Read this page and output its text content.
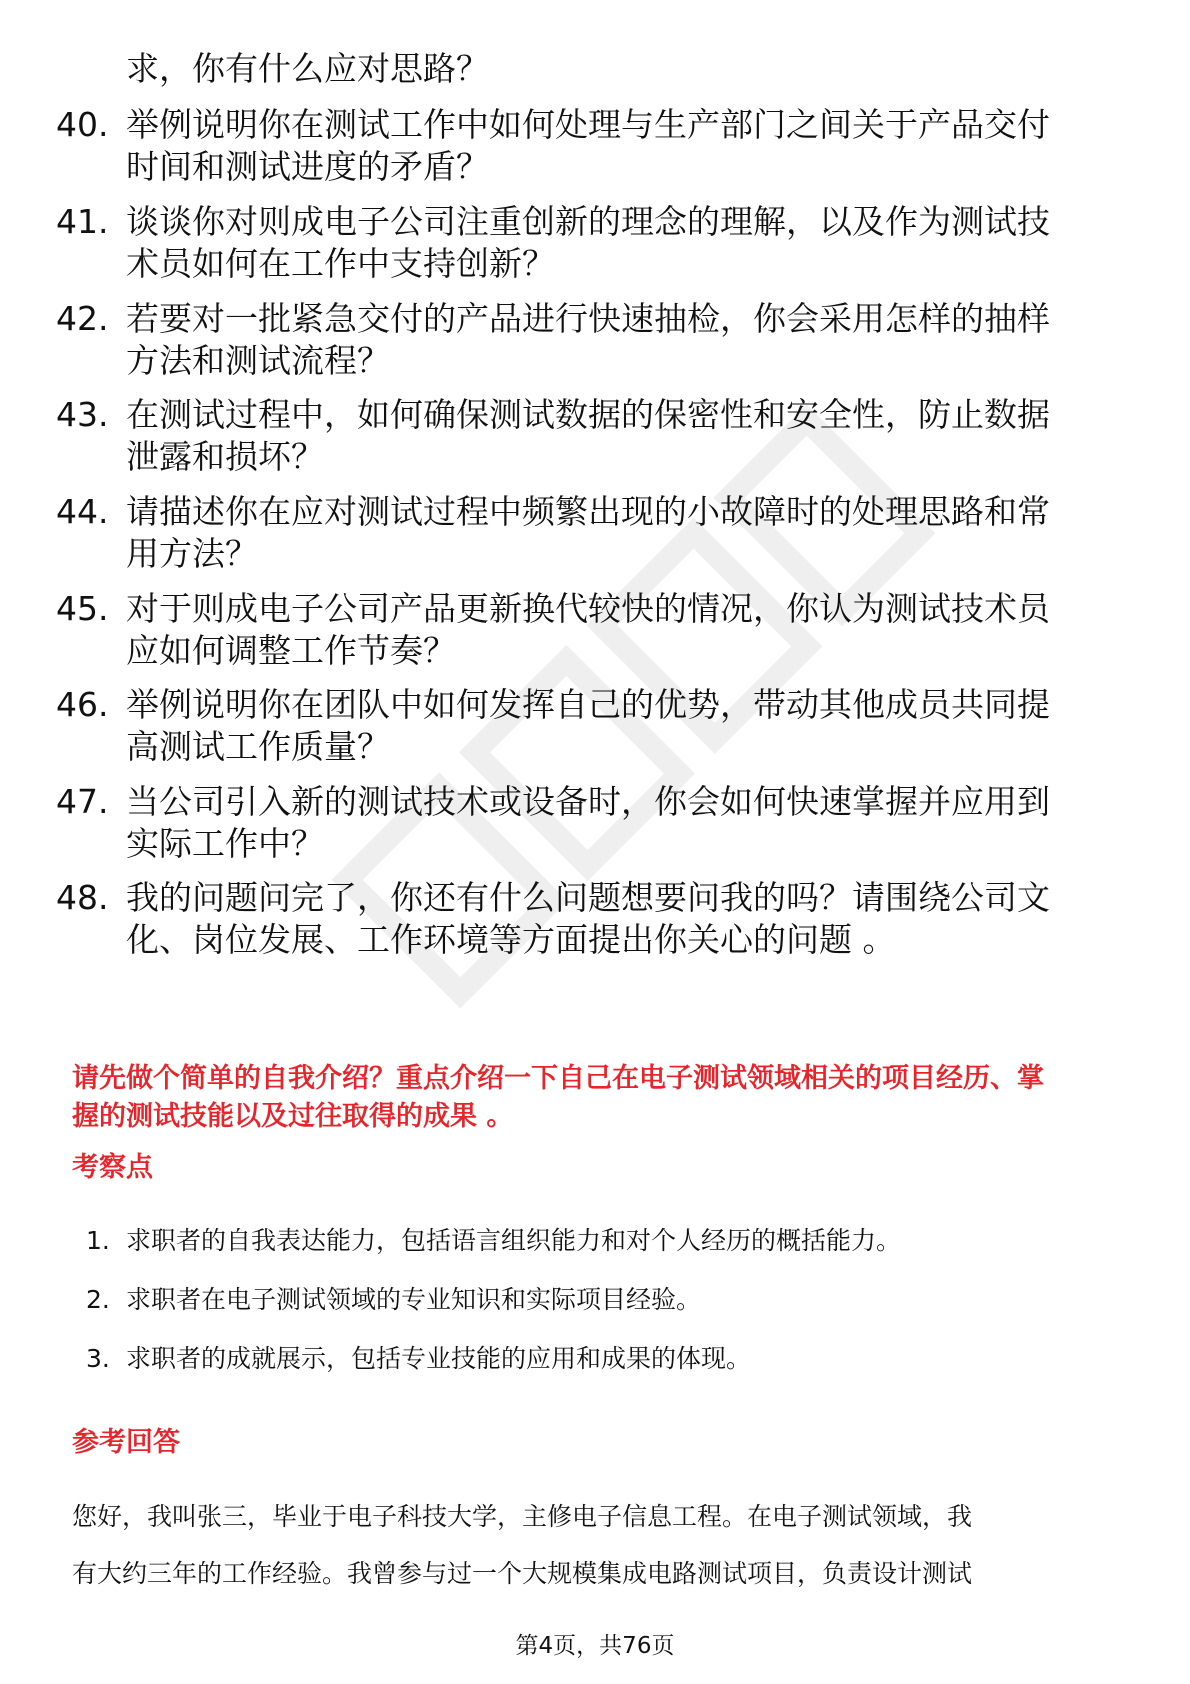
求，你有什么应对思路？
40. 举例说明你在测试工作中如何处理与生产部门之间关于产品交付
时间和测试进度的矛盾？
41. 谈谈你对则成电子公司注重创新的理念的理解，以及作为测试技
术员如何在工作中支持创新？
42. 若要对一批紧急交付的产品进行快速抽检，你会采用怎样的抽样
方法和测试流程？
43. 在测试过程中，如何确保测试数据的保密性和安全性，防止数据
泄露和损坏？
44. 请描述你在应对测试过程中频繁出现的小故障时的处理思路和常
用方法？
45. 对于则成电子公司产品更新换代较快的情况，你认为测试技术员
应如何调整工作节奏？
46. 举例说明你在团队中如何发挥自己的优势，带动其他成员共同提
高测试工作质量？
47. 当公司引入新的测试技术或设备时，你会如何快速掌握并应用到
实际工作中？
48. 我的问题问完了，你还有什么问题想要问我的吗？请围绕公司文
化、岗位发展、工作环境等方面提出你关心的问题 。
请先做个简单的自我介绍？重点介绍一下自己在电子测试领域相关的项目经历、掌
握的测试技能以及过往取得的成果 。
考察点
1. 求职者的自我表达能力，包括语言组织能力和对个人经历的概括能力。
2. 求职者在电子测试领域的专业知识和实际项目经验。
3. 求职者的成就展示，包括专业技能的应用和成果的体现。
参考回答
您好，我叫张三，毕业于电子科技大学，主修电子信息工程。在电子测试领域，我
有大约三年的工作经验。我曾参与过一个大规模集成电路测试项目，负责设计测试
第4页，共76页
